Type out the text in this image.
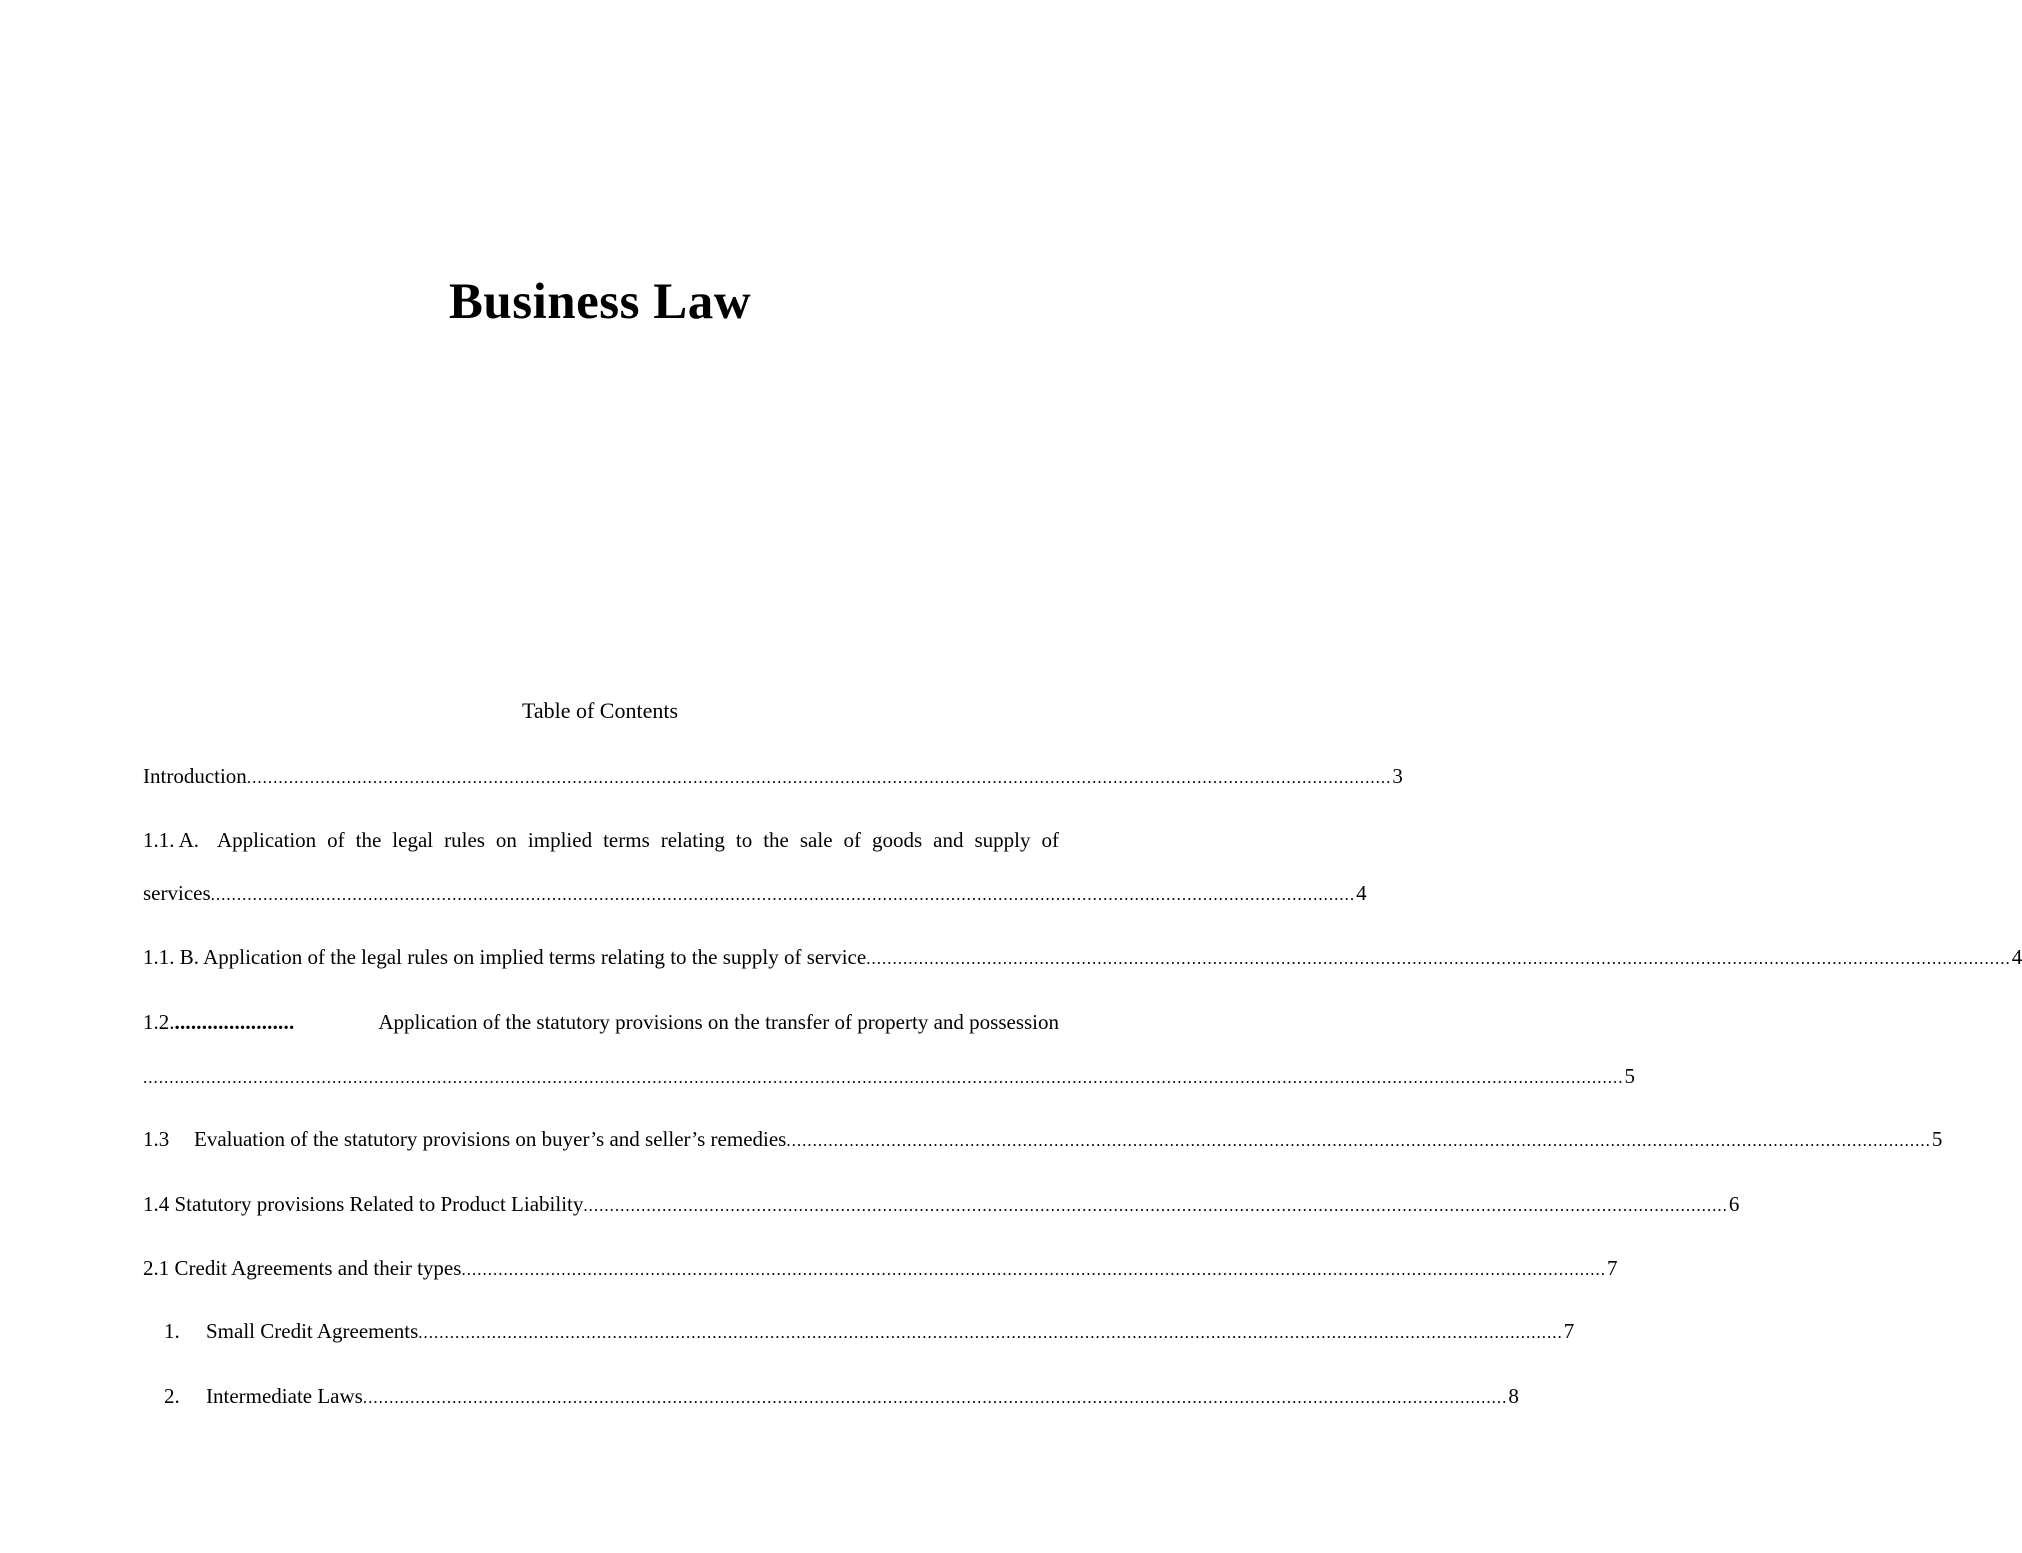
Business Law
Table of Contents
Introduction .......................................................................................................................................................................................................................... 3
1.1. A. Application of the legal rules on implied terms relating to the sale of goods and supply of
services .......................................................................................................................................................................................................................... 4
1.1. B. Application of the legal rules on implied terms relating to the supply of service .......................................................................................................................................................................................................................... 4
1.2. ......................	Application of the statutory provisions on the transfer of property and possession
.......................................................................................................................................................................................................................................................................................... 5
1.3	Evaluation of the statutory provisions on buyer’s and seller’s remedies .......................................................................................................................................................................................................................... 5
1.4 Statutory provisions Related to Product Liability .......................................................................................................................................................................................................................... 6
2.1 Credit Agreements and their types .......................................................................................................................................................................................................................... 7
1.	Small Credit Agreements .......................................................................................................................................................................................................................... 7
2.	Intermediate Laws .......................................................................................................................................................................................................................... 8
